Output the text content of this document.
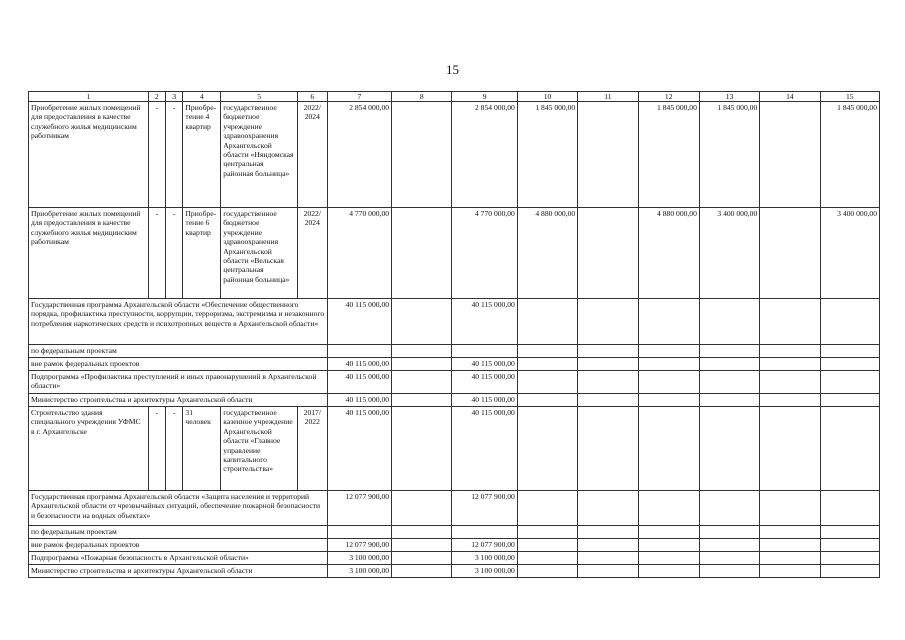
15
1	2	3	4	5	6	7	8	9	10	11	12	13	14	15
Приобретение жилых помещений для предоставления в качестве служебного жилья медицинским работникам	-	-	Приобре-тение 4 квартир	государственное бюджетное учреждение здравоохранения Архангельской области «Няндомская центральная районная больница»	2022/ 2024	2 854 000,00		2 854 000,00	1 845 000,00		1 845 000,00	1 845 000,00		1 845 000,00
Приобретение жилых помещений для предоставления в качестве служебного жилья медицинским работникам	-	-	Приобре-тение 6 квартир	государственное бюджетное учреждение здравоохранения Архангельской области «Вельская центральная районная больница»	2022/ 2024	4 770 000,00		4 770 000,00	4 880 000,00		4 880 000,00	3 400 000,00		3 400 000,00
Государственная программа Архангельской области «Обеспечение общественного порядка, профилактика преступности, коррупции, терроризма, экстремизма и незаконного потребления наркотических средств и психотропных веществ в Архангельской области»						40 115 000,00		40 115 000,00						
по федеральным проектам														
вне рамок федеральных проектов						40 115 000,00		40 115 000,00						
Подпрограмма «Профилактика преступлений и иных правонарушений в Архангельской области»						40 115 000,00		40 115 000,00						
Министерство строительства и архитектуры Архангельской области						40 115 000,00		40 115 000,00						
Строительство здания специального учреждения УФМС в г. Архангельске	-	-	31 человек	государственное казенное учреждение Архангельской области «Главное управление капитального строительства»	2017/ 2022	40 115 000,00		40 115 000,00						
Государственная программа Архангельской области «Защита населения и территорий Архангельской области от чрезвычайных ситуаций, обеспечение пожарной безопасности и безопасности на водных объектах»						12 077 900,00		12 077 900,00						
по федеральным проектам														
вне рамок федеральных проектов						12 077 900,00		12 077 900,00						
Подпрограмма «Пожарная безопасность в Архангельской области»						3 100 000,00		3 100 000,00						
Министерство строительства и архитектуры Архангельской области						3 100 000,00		3 100 000,00						
